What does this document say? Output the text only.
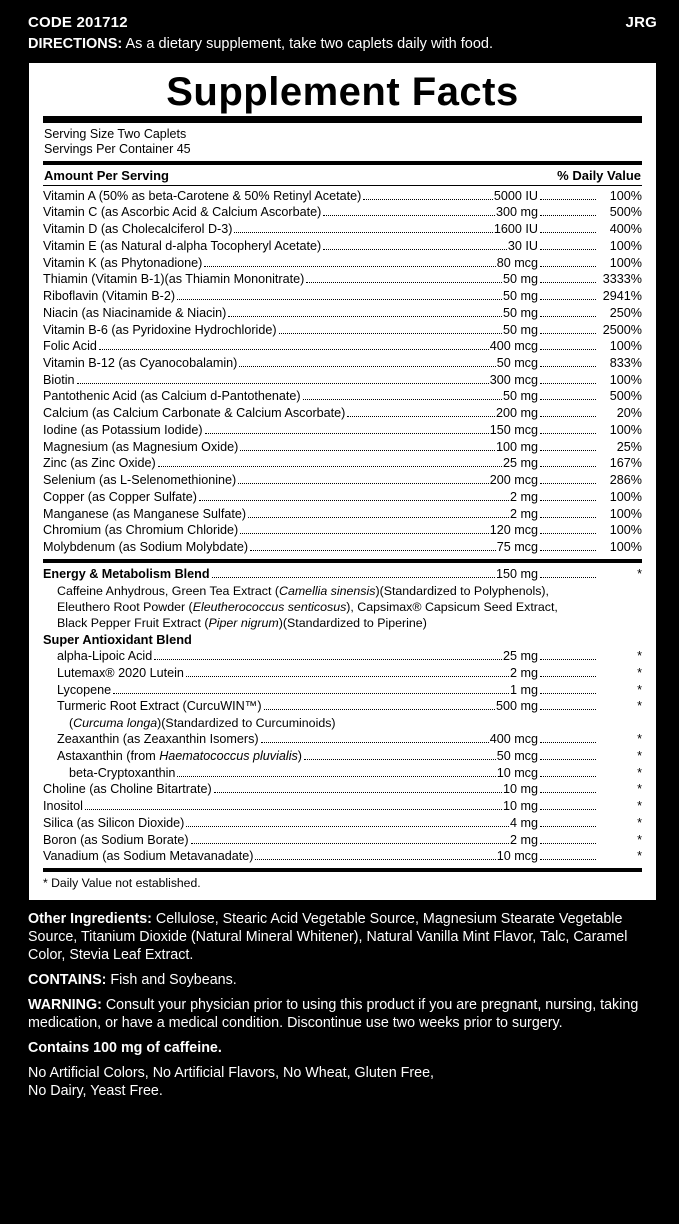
CODE 201712	JRG
DIRECTIONS: As a dietary supplement, take two caplets daily with food.
Supplement Facts
Serving Size Two Caplets
Servings Per Container 45
Amount Per Serving	% Daily Value
Vitamin A (50% as beta-Carotene & 50% Retinyl Acetate)	5000 IU	100%
Vitamin C (as Ascorbic Acid & Calcium Ascorbate)	300 mg	500%
Vitamin D (as Cholecalciferol D-3)	1600 IU	400%
Vitamin E (as Natural d-alpha Tocopheryl Acetate)	30 IU	100%
Vitamin K (as Phytonadione)	80 mcg	100%
Thiamin (Vitamin B-1)(as Thiamin Mononitrate)	50 mg	3333%
Riboflavin (Vitamin B-2)	50 mg	2941%
Niacin (as Niacinamide & Niacin)	50 mg	250%
Vitamin B-6 (as Pyridoxine Hydrochloride)	50 mg	2500%
Folic Acid	400 mcg	100%
Vitamin B-12 (as Cyanocobalamin)	50 mcg	833%
Biotin	300 mcg	100%
Pantothenic Acid (as Calcium d-Pantothenate)	50 mg	500%
Calcium (as Calcium Carbonate & Calcium Ascorbate)	200 mg	20%
Iodine (as Potassium Iodide)	150 mcg	100%
Magnesium (as Magnesium Oxide)	100 mg	25%
Zinc (as Zinc Oxide)	25 mg	167%
Selenium (as L-Selenomethionine)	200 mcg	286%
Copper (as Copper Sulfate)	2 mg	100%
Manganese (as Manganese Sulfate)	2 mg	100%
Chromium (as Chromium Chloride)	120 mcg	100%
Molybdenum (as Sodium Molybdate)	75 mcg	100%
Energy & Metabolism Blend	150 mg	*
Caffeine Anhydrous, Green Tea Extract (Camellia sinensis)(Standardized to Polyphenols),
Eleuthero Root Powder (Eleutherococcus senticosus), Capsimax® Capsicum Seed Extract,
Black Pepper Fruit Extract (Piper nigrum)(Standardized to Piperine)
Super Antioxidant Blend
alpha-Lipoic Acid	25 mg	*
Lutemax® 2020 Lutein	2 mg	*
Lycopene	1 mg	*
Turmeric Root Extract (CurcuWIN™)	500 mg	*
(Curcuma longa)(Standardized to Curcuminoids)
Zeaxanthin (as Zeaxanthin Isomers)	400 mcg	*
Astaxanthin (from Haematococcus pluvialis)	50 mcg	*
beta-Cryptoxanthin	10 mcg	*
Choline (as Choline Bitartrate)	10 mg	*
Inositol	10 mg	*
Silica (as Silicon Dioxide)	4 mg	*
Boron (as Sodium Borate)	2 mg	*
Vanadium (as Sodium Metavanadate)	10 mcg	*
* Daily Value not established.

Other Ingredients: Cellulose, Stearic Acid Vegetable Source, Magnesium Stearate Vegetable Source, Titanium Dioxide (Natural Mineral Whitener), Natural Vanilla Mint Flavor, Talc, Caramel Color, Stevia Leaf Extract.

CONTAINS: Fish and Soybeans.

WARNING: Consult your physician prior to using this product if you are pregnant, nursing, taking medication, or have a medical condition. Discontinue use two weeks prior to surgery.

Contains 100 mg of caffeine.

No Artificial Colors, No Artificial Flavors, No Wheat, Gluten Free,

No Dairy, Yeast Free.
